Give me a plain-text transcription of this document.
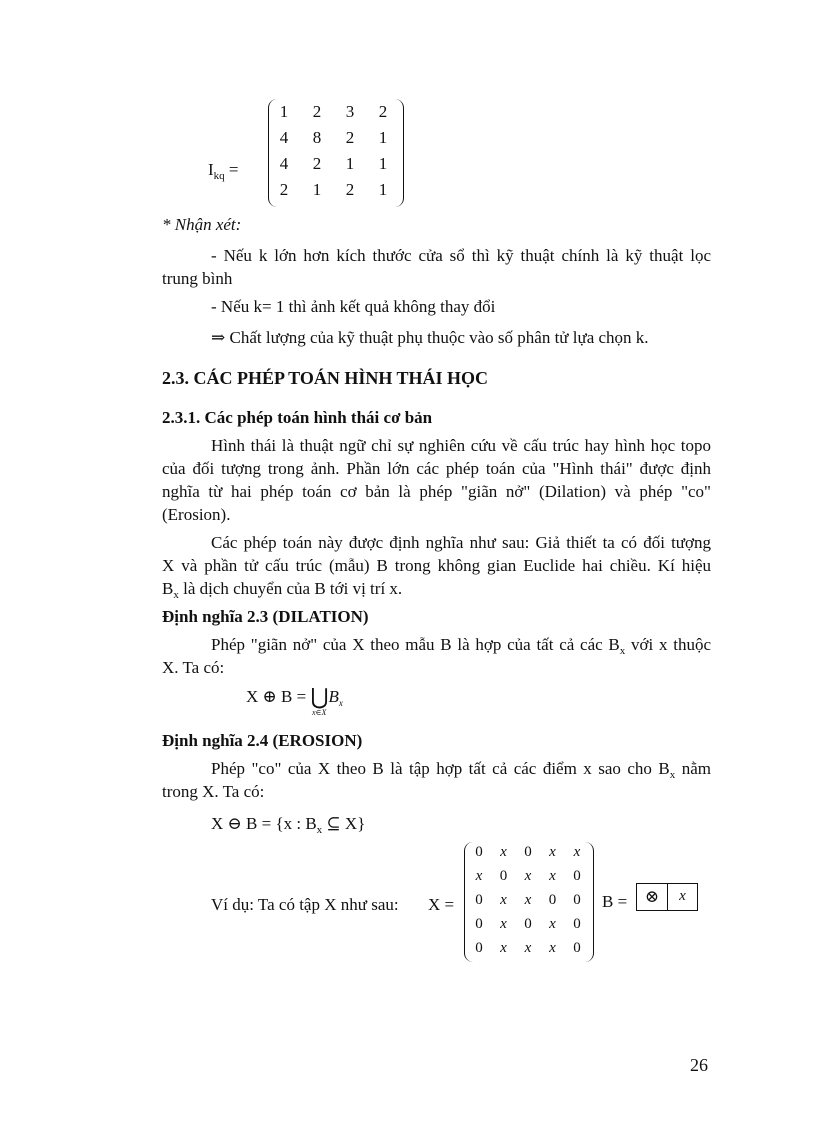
$I_{kq}$ =
1	2	3	2
4	8	2	1
4	2	1	1
2	1	2	1
* Nhận xét:
- Nếu k lớn hơn kích thước cửa sổ thì kỹ thuật chính là kỹ thuật lọc
trung bình
- Nếu k= 1 thì ảnh kết quả không thay đổi
⇒ Chất lượng của kỹ thuật phụ thuộc vào số phân tử lựa chọn k.
2.3. CÁC PHÉP TOÁN HÌNH THÁI HỌC
2.3.1. Các phép toán hình thái cơ bản
Hình thái là thuật ngữ chỉ sự nghiên cứu về cấu trúc hay hình học topo
của đối tượng trong ảnh. Phần lớn các phép toán của "Hình thái" được định
nghĩa từ hai phép toán cơ bản là phép "giãn nở" (Dilation) và phép "co"
(Erosion).
Các phép toán này được định nghĩa như sau: Giả thiết ta có đối tượng
X và phần tử cấu trúc (mẫu) B trong không gian Euclide hai chiều. Kí hiệu
$B_x$ là dịch chuyển của B tới vị trí x.
Định nghĩa 2.3 (DILATION)
Phép "giãn nở" của X theo mẫu B là hợp của tất cả các $B_x$ với x thuộc
X. Ta có:
X ⊕ $B = ⋃B_x$
x∈X
Định nghĩa 2.4 (EROSION)
Phép "co" của X theo B là tập hợp tất cả các điểm x sao cho $B_x$ nằm
trong X. Ta có:
X ⊖ B = {x : $B_x$ ⊆ X}
Ví dụ: Ta có tập X như sau: X =
0	x	0	x	x
x	0	x	x	0
0	x	x	0	0
0	x	0	x	0
0	x	x	x	0
B =	⊗	x
26
